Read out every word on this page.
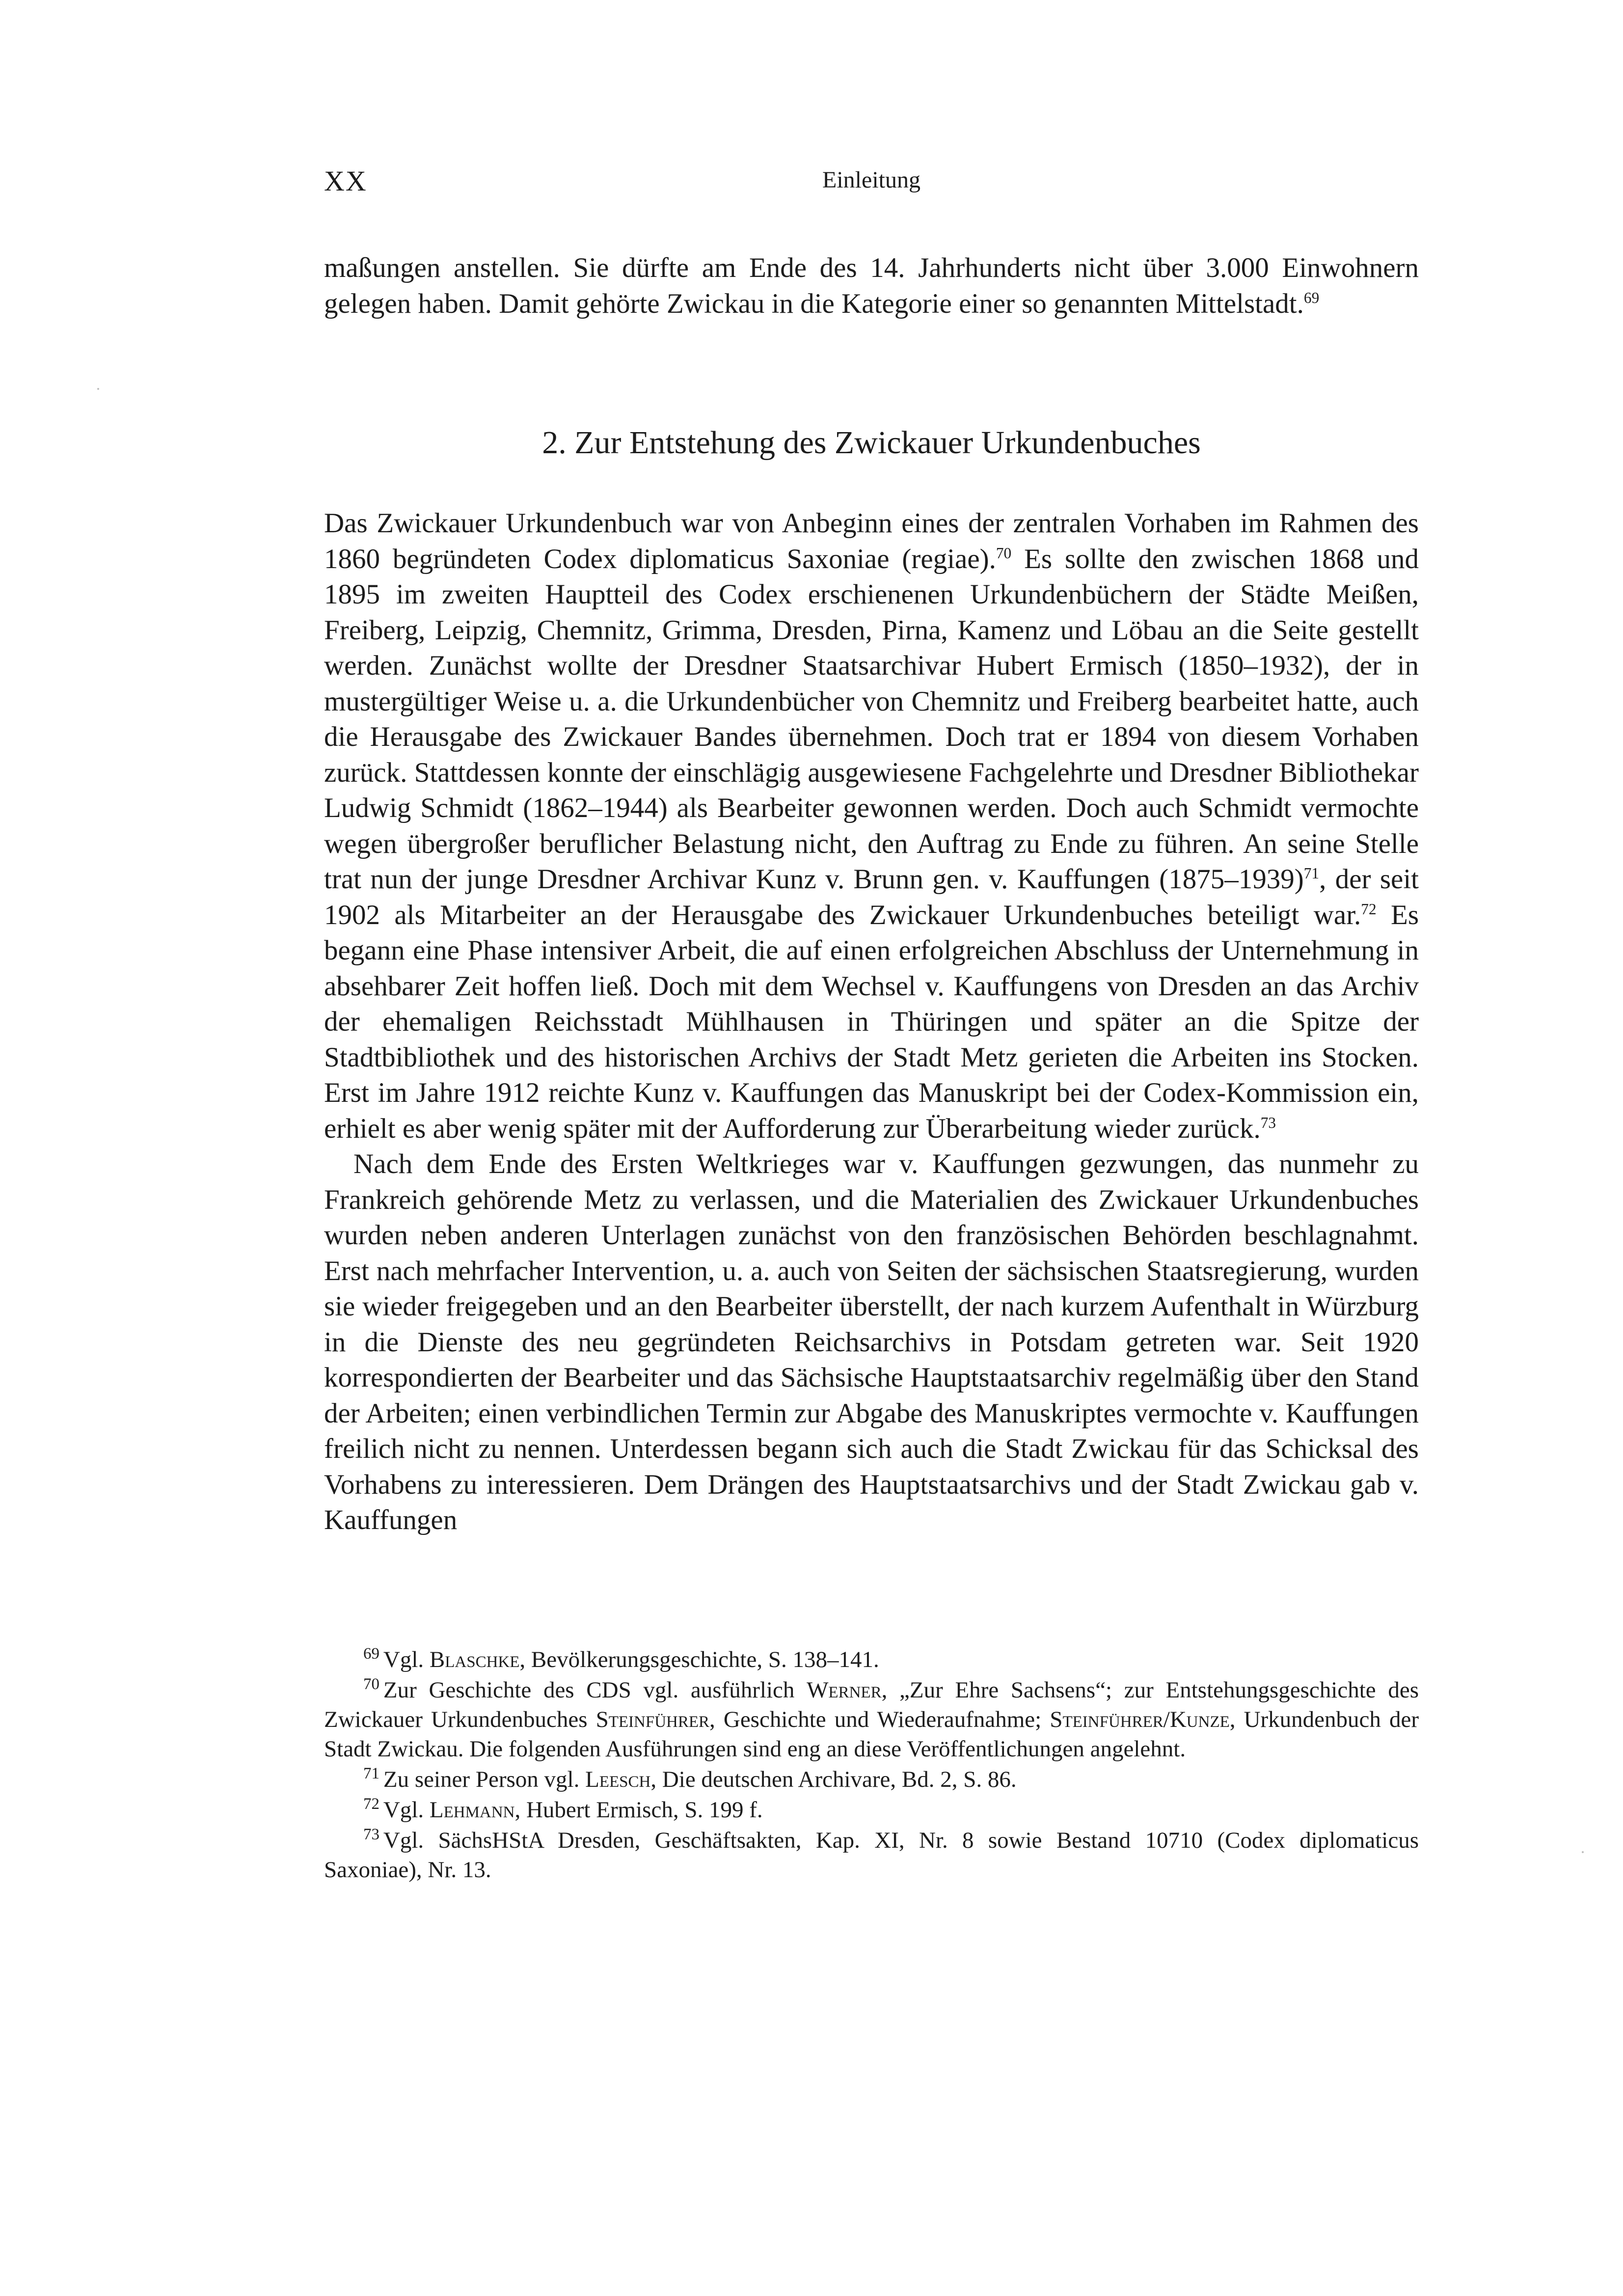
XX	Einleitung

maßungen anstellen. Sie dürfte am Ende des 14. Jahrhunderts nicht über 3.000 Einwohnern gelegen haben. Damit gehörte Zwickau in die Kategorie einer so genannten Mittelstadt.$^{69}$

2. Zur Entstehung des Zwickauer Urkundenbuches

Das Zwickauer Urkundenbuch war von Anbeginn eines der zentralen Vorhaben im Rahmen des 1860 begründeten Codex diplomaticus Saxoniae (regiae).$^{70}$ Es sollte den zwischen 1868 und 1895 im zweiten Hauptteil des Codex erschienenen Urkundenbüchern der Städte Meißen, Freiberg, Leipzig, Chemnitz, Grimma, Dresden, Pirna, Kamenz und Löbau an die Seite gestellt werden. Zunächst wollte der Dresdner Staatsarchivar Hubert Ermisch (1850–1932), der in mustergültiger Weise u. a. die Urkundenbücher von Chemnitz und Freiberg bearbeitet hatte, auch die Herausgabe des Zwickauer Bandes übernehmen. Doch trat er 1894 von diesem Vorhaben zurück. Stattdessen konnte der einschlägig ausgewiesene Fachgelehrte und Dresdner Bibliothekar Ludwig Schmidt (1862–1944) als Bearbeiter gewonnen werden. Doch auch Schmidt vermochte wegen übergroßer beruflicher Belastung nicht, den Auftrag zu Ende zu führen. An seine Stelle trat nun der junge Dresdner Archivar Kunz v. Brunn gen. v. Kauffungen (1875–1939)$^{71}$, der seit 1902 als Mitarbeiter an der Herausgabe des Zwickauer Urkundenbuches beteiligt war.$^{72}$ Es begann eine Phase intensiver Arbeit, die auf einen erfolgreichen Abschluss der Unternehmung in absehbarer Zeit hoffen ließ. Doch mit dem Wechsel v. Kauffungens von Dresden an das Archiv der ehemaligen Reichsstadt Mühlhausen in Thüringen und später an die Spitze der Stadtbibliothek und des historischen Archivs der Stadt Metz gerieten die Arbeiten ins Stocken. Erst im Jahre 1912 reichte Kunz v. Kauffungen das Manuskript bei der Codex-Kommission ein, erhielt es aber wenig später mit der Aufforderung zur Überarbeitung wieder zurück.$^{73}$

Nach dem Ende des Ersten Weltkrieges war v. Kauffungen gezwungen, das nunmehr zu Frankreich gehörende Metz zu verlassen, und die Materialien des Zwickauer Urkundenbuches wurden neben anderen Unterlagen zunächst von den französischen Behörden beschlagnahmt. Erst nach mehrfacher Intervention, u. a. auch von Seiten der sächsischen Staatsregierung, wurden sie wieder freigegeben und an den Bearbeiter überstellt, der nach kurzem Aufenthalt in Würzburg in die Dienste des neu gegründeten Reichsarchivs in Potsdam getreten war. Seit 1920 korrespondierten der Bearbeiter und das Sächsische Hauptstaatsarchiv regelmäßig über den Stand der Arbeiten; einen verbindlichen Termin zur Abgabe des Manuskriptes vermochte v. Kauffungen freilich nicht zu nennen. Unterdessen begann sich auch die Stadt Zwickau für das Schicksal des Vorhabens zu interessieren. Dem Drängen des Hauptstaatsarchivs und der Stadt Zwickau gab v. Kauffungen

$^{69}$ Vgl. Blaschke, Bevölkerungsgeschichte, S. 138–141.

$^{70}$ Zur Geschichte des CDS vgl. ausführlich Werner, „Zur Ehre Sachsens“; zur Entstehungsgeschichte des Zwickauer Urkundenbuches Steinführer, Geschichte und Wiederaufnahme; Steinführer/Kunze, Urkundenbuch der Stadt Zwickau. Die folgenden Ausführungen sind eng an diese Veröffentlichungen angelehnt.

$^{71}$ Zu seiner Person vgl. Leesch, Die deutschen Archivare, Bd. 2, S. 86.

$^{72}$ Vgl. Lehmann, Hubert Ermisch, S. 199 f.

$^{73}$ Vgl. SächsHStA Dresden, Geschäftsakten, Kap. XI, Nr. 8 sowie Bestand 10710 (Codex diplomaticus Saxoniae), Nr. 13.
